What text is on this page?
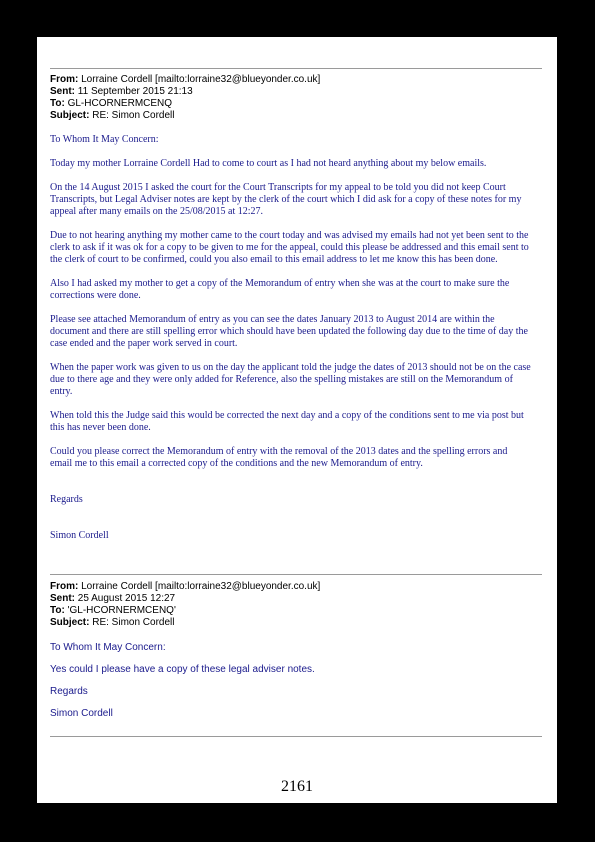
From: Lorraine Cordell [mailto:lorraine32@blueyonder.co.uk]
Sent: 11 September 2015 21:13
To: GL-HCORNERMCENQ
Subject: RE: Simon Cordell

To Whom It May Concern:

Today my mother Lorraine Cordell Had to come to court as I had not heard anything about my below emails.

On the 14 August 2015 I asked the court for the Court Transcripts for my appeal to be told you did not keep Court Transcripts, but Legal Adviser notes are kept by the clerk of the court which I did ask for a copy of these notes for my appeal after many emails on the 25/08/2015 at 12:27.

Due to not hearing anything my mother came to the court today and was advised my emails had not yet been sent to the clerk to ask if it was ok for a copy to be given to me for the appeal, could this please be addressed and this email sent to the clerk of court to be confirmed, could you also email to this email address to let me know this has been done.

Also I had asked my mother to get a copy of the Memorandum of entry when she was at the court to make sure the corrections were done.

Please see attached Memorandum of entry as you can see the dates January 2013 to August 2014 are within the document and there are still spelling error which should have been updated the following day due to the time of day the case ended and the paper work served in court.

When the paper work was given to us on the day the applicant told the judge the dates of 2013 should not be on the case due to there age and they were only added for Reference, also the spelling mistakes are still on the Memorandum of entry.

When told this the Judge said this would be corrected the next day and a copy of the conditions sent to me via post but this has never been done.

Could you please correct the Memorandum of entry with the removal of the 2013 dates and the spelling errors and email me to this email a corrected copy of the conditions and the new Memorandum of entry.

Regards

Simon Cordell

From: Lorraine Cordell [mailto:lorraine32@blueyonder.co.uk]
Sent: 25 August 2015 12:27
To: 'GL-HCORNERMCENQ'
Subject: RE: Simon Cordell

To Whom It May Concern:

Yes could I please have a copy of these legal adviser notes.

Regards

Simon Cordell

2161
